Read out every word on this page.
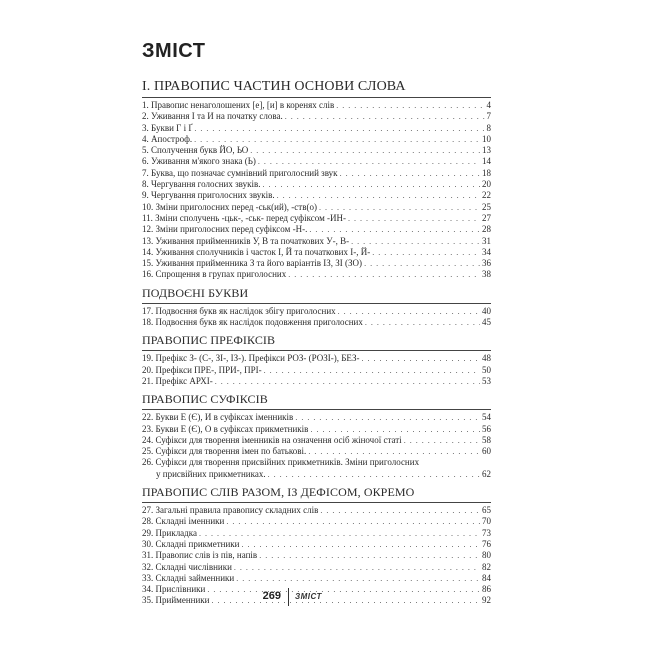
ЗМІСТ
І. ПРАВОПИС ЧАСТИН ОСНОВИ СЛОВА
1. Правопис ненаголошених [е], [и] в коренях слів . . .	4
2. Уживання І та И на початку слова. . . .	7
3. Букви Г і Ґ . . .	8
4. Апостроф. . . .	10
5. Сполучення букв ЙО, ЬО . . .	13
6. Уживання м'якого знака (Ь) . . .	14
7. Буква, що позначає сумнівний приголосний звук . . .	18
8. Чергування голосних звуків. . . .	20
9. Чергування приголосних звуків. . . .	22
10. Зміни приголосних перед -ськ(ий), -ств(о) . . .	25
11. Зміни сполучень -цьк-, -ськ- перед суфіксом -ИН- . . .	27
12. Зміни приголосних перед суфіксом -Н-. . . .	28
13. Уживання прийменників У, В та початкових У-, В- . . .	31
14. Уживання сполучників і часток І, Й та початкових І-, Й- . . .	34
15. Уживання прийменника З та його варіантів ІЗ, ЗІ (ЗО) . . .	36
16. Спрощення в групах приголосних . . .	38
ПОДВОЄНІ БУКВИ
17. Подвоєння букв як наслідок збігу приголосних . . .	40
18. Подвоєння букв як наслідок подовження приголосних . . .	45
ПРАВОПИС ПРЕФІКСІВ
19. Префікс З- (С-, ЗІ-, ІЗ-). Префікси РОЗ- (РОЗІ-), БЕЗ- . . .	48
20. Префікси ПРЕ-, ПРИ-, ПРІ- . . .	50
21. Префікс АРХІ- . . .	53
ПРАВОПИС СУФІКСІВ
22. Букви Е (Є), И в суфіксах іменників . . .	54
23. Букви Е (Є), О в суфіксах прикметників . . .	56
24. Суфікси для творення іменників на означення осіб жіночої статі . . .	58
25. Суфікси для творення імен по батькові. . . .	60
26. Суфікси для творення присвійних прикметників. Зміни приголосних
у присвійних прикметниках. . . .	62
ПРАВОПИС СЛІВ РАЗОМ, ІЗ ДЕФІСОМ, ОКРЕМО
27. Загальні правила правопису складних слів . . .	65
28. Складні іменники . . .	70
29. Прикладка . . .	73
30. Складні прикметники . . .	76
31. Правопис слів із пів, напів . . .	80
32. Складні числівники . . .	82
33. Складні займенники . . .	84
34. Прислівники . . .	86
35. Прийменники . . .	92
269 ЗМІСТ
